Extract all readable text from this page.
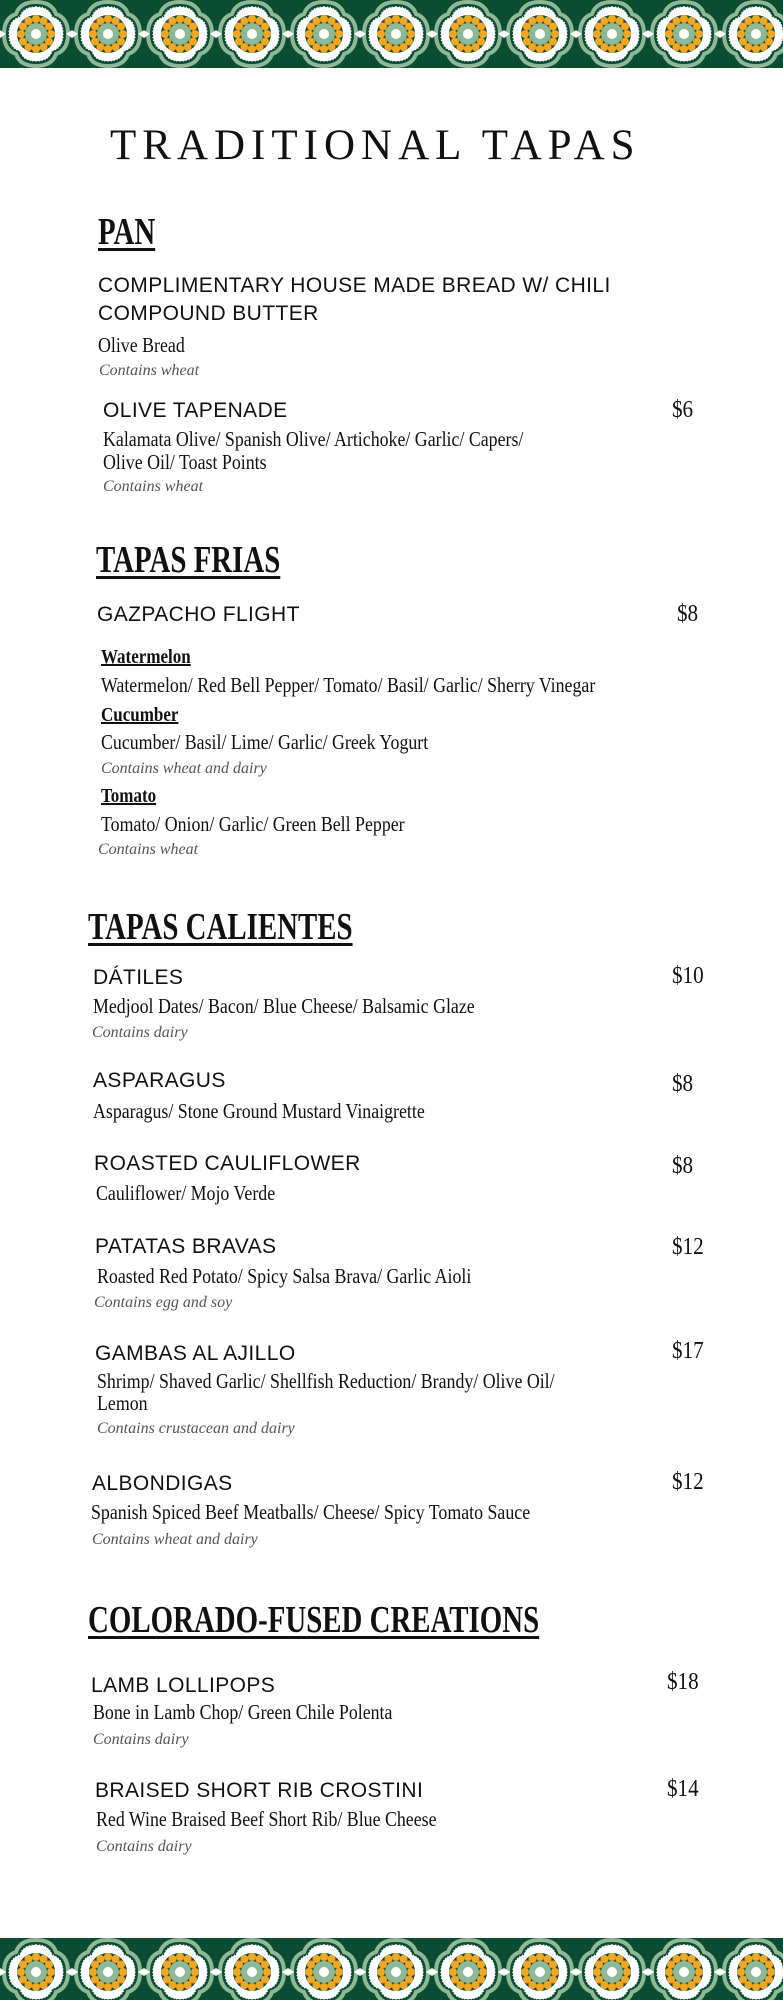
TRADITIONAL TAPAS
PAN
COMPLIMENTARY HOUSE MADE BREAD W/ CHILI
COMPOUND BUTTER
Olive Bread
Contains wheat
OLIVE TAPENADE	$6
Kalamata Olive/ Spanish Olive/ Artichoke/ Garlic/ Capers/
Olive Oil/ Toast Points
Contains wheat
TAPAS FRIAS
GAZPACHO FLIGHT	$8
Watermelon
Watermelon/ Red Bell Pepper/ Tomato/ Basil/ Garlic/ Sherry Vinegar
Cucumber
Cucumber/ Basil/ Lime/ Garlic/ Greek Yogurt
Contains wheat and dairy
Tomato
Tomato/ Onion/ Garlic/ Green Bell Pepper
Contains wheat
TAPAS CALIENTES
DÁTILES	$10
Medjool Dates/ Bacon/ Blue Cheese/ Balsamic Glaze
Contains dairy
ASPARAGUS	$8
Asparagus/ Stone Ground Mustard Vinaigrette
ROASTED CAULIFLOWER	$8
Cauliflower/ Mojo Verde
PATATAS BRAVAS	$12
Roasted Red Potato/ Spicy Salsa Brava/ Garlic Aioli
Contains egg and soy
GAMBAS AL AJILLO	$17
Shrimp/ Shaved Garlic/ Shellfish Reduction/ Brandy/ Olive Oil/
Lemon
Contains crustacean and dairy
ALBONDIGAS	$12
Spanish Spiced Beef Meatballs/ Cheese/ Spicy Tomato Sauce
Contains wheat and dairy
COLORADO-FUSED CREATIONS
LAMB LOLLIPOPS	$18
Bone in Lamb Chop/ Green Chile Polenta
Contains dairy
BRAISED SHORT RIB CROSTINI	$14
Red Wine Braised Beef Short Rib/ Blue Cheese
Contains dairy
